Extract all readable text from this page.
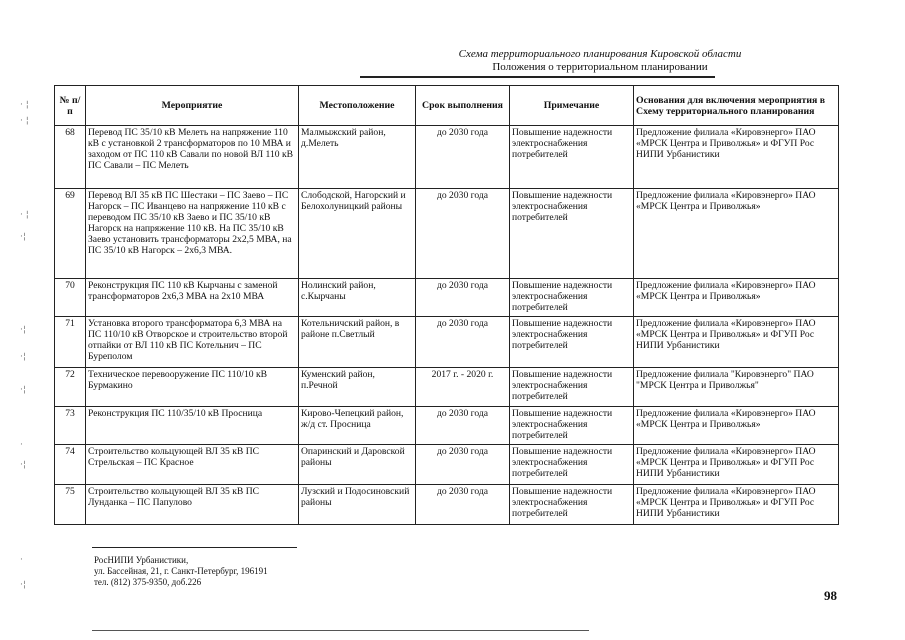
Схема территориального планирования Кировской области
Положения о территориальном планировании
· ¦
· ¦
· ¦
·¦
·¦
·¦
·¦
·
·¦
·
·¦
№ п/п	Мероприятие	Местоположение	Срок выполнения	Примечание	Основания для включения мероприятия в Схему территориального планирования
68	Перевод ПС 35/10 кВ Мелеть на напряжение 110 кВ с установкой 2 трансформаторов по 10 МВА и заходом от ПС 110 кВ Савали по новой ВЛ 110 кВ ПС Савали – ПС Мелеть	Малмыжский район, д.Мелеть	до 2030 года	Повышение надежности электроснабжения потребителей	Предложение филиала «Кировэнерго» ПАО «МРСК Центра и Приволжья» и ФГУП Рос НИПИ Урбанистики
69	Перевод ВЛ 35 кВ ПС Шестаки – ПС Заево – ПС Нагорск – ПС Иванцево на напряжение 110 кВ с переводом ПС 35/10 кВ Заево и ПС 35/10 кВ Нагорск на напряжение 110 кВ. На ПС 35/10 кВ Заево установить трансформаторы 2х2,5 МВА, на ПС 35/10 кВ Нагорск – 2х6,3 МВА.	Слободской, Нагорский и Белохолуницкий районы	до 2030 года	Повышение надежности электроснабжения потребителей	Предложение филиала «Кировэнерго» ПАО «МРСК Центра и Приволжья»
70	Реконструкция ПС 110 кВ Кырчаны с заменой трансформаторов 2х6,3 МВА на 2х10 МВА	Нолинский район, с.Кырчаны	до 2030 года	Повышение надежности электроснабжения потребителей	Предложение филиала «Кировэнерго» ПАО «МРСК Центра и Приволжья»
71	Установка второго трансформатора 6,3 МВА на ПС 110/10 кВ Отворское и строительство второй отпайки от ВЛ 110 кВ ПС Котельнич – ПС Буреполом	Котельничский район, в районе п.Светлый	до 2030 года	Повышение надежности электроснабжения потребителей	Предложение филиала «Кировэнерго» ПАО «МРСК Центра и Приволжья» и ФГУП Рос НИПИ Урбанистики
72	Техническое перевооружение ПС 110/10 кВ Бурмакино	Куменский район, п.Речной	2017 г. - 2020 г.	Повышение надежности электроснабжения потребителей	Предложение филиала "Кировэнерго" ПАО "МРСК Центра и Приволжья"
73	Реконструкция ПС 110/35/10 кВ Просница	Кирово-Чепецкий район, ж/д ст. Просница	до 2030 года	Повышение надежности электроснабжения потребителей	Предложение филиала «Кировэнерго» ПАО «МРСК Центра и Приволжья»
74	Строительство кольцующей ВЛ 35 кВ ПС Стрельская – ПС Красное	Опаринский и Даровской районы	до 2030 года	Повышение надежности электроснабжения потребителей	Предложение филиала «Кировэнерго» ПАО «МРСК Центра и Приволжья» и ФГУП Рос НИПИ Урбанистики
75	Строительство кольцующей ВЛ 35 кВ ПС Лунданка – ПС Папулово	Лузский и Подосиновский районы	до 2030 года	Повышение надежности электроснабжения потребителей	Предложение филиала «Кировэнерго» ПАО «МРСК Центра и Приволжья» и ФГУП Рос НИПИ Урбанистики
РосНИПИ Урбанистики,
ул. Бассейная, 21, г. Санкт-Петербург, 196191
тел. (812) 375-9350, доб.226
98
